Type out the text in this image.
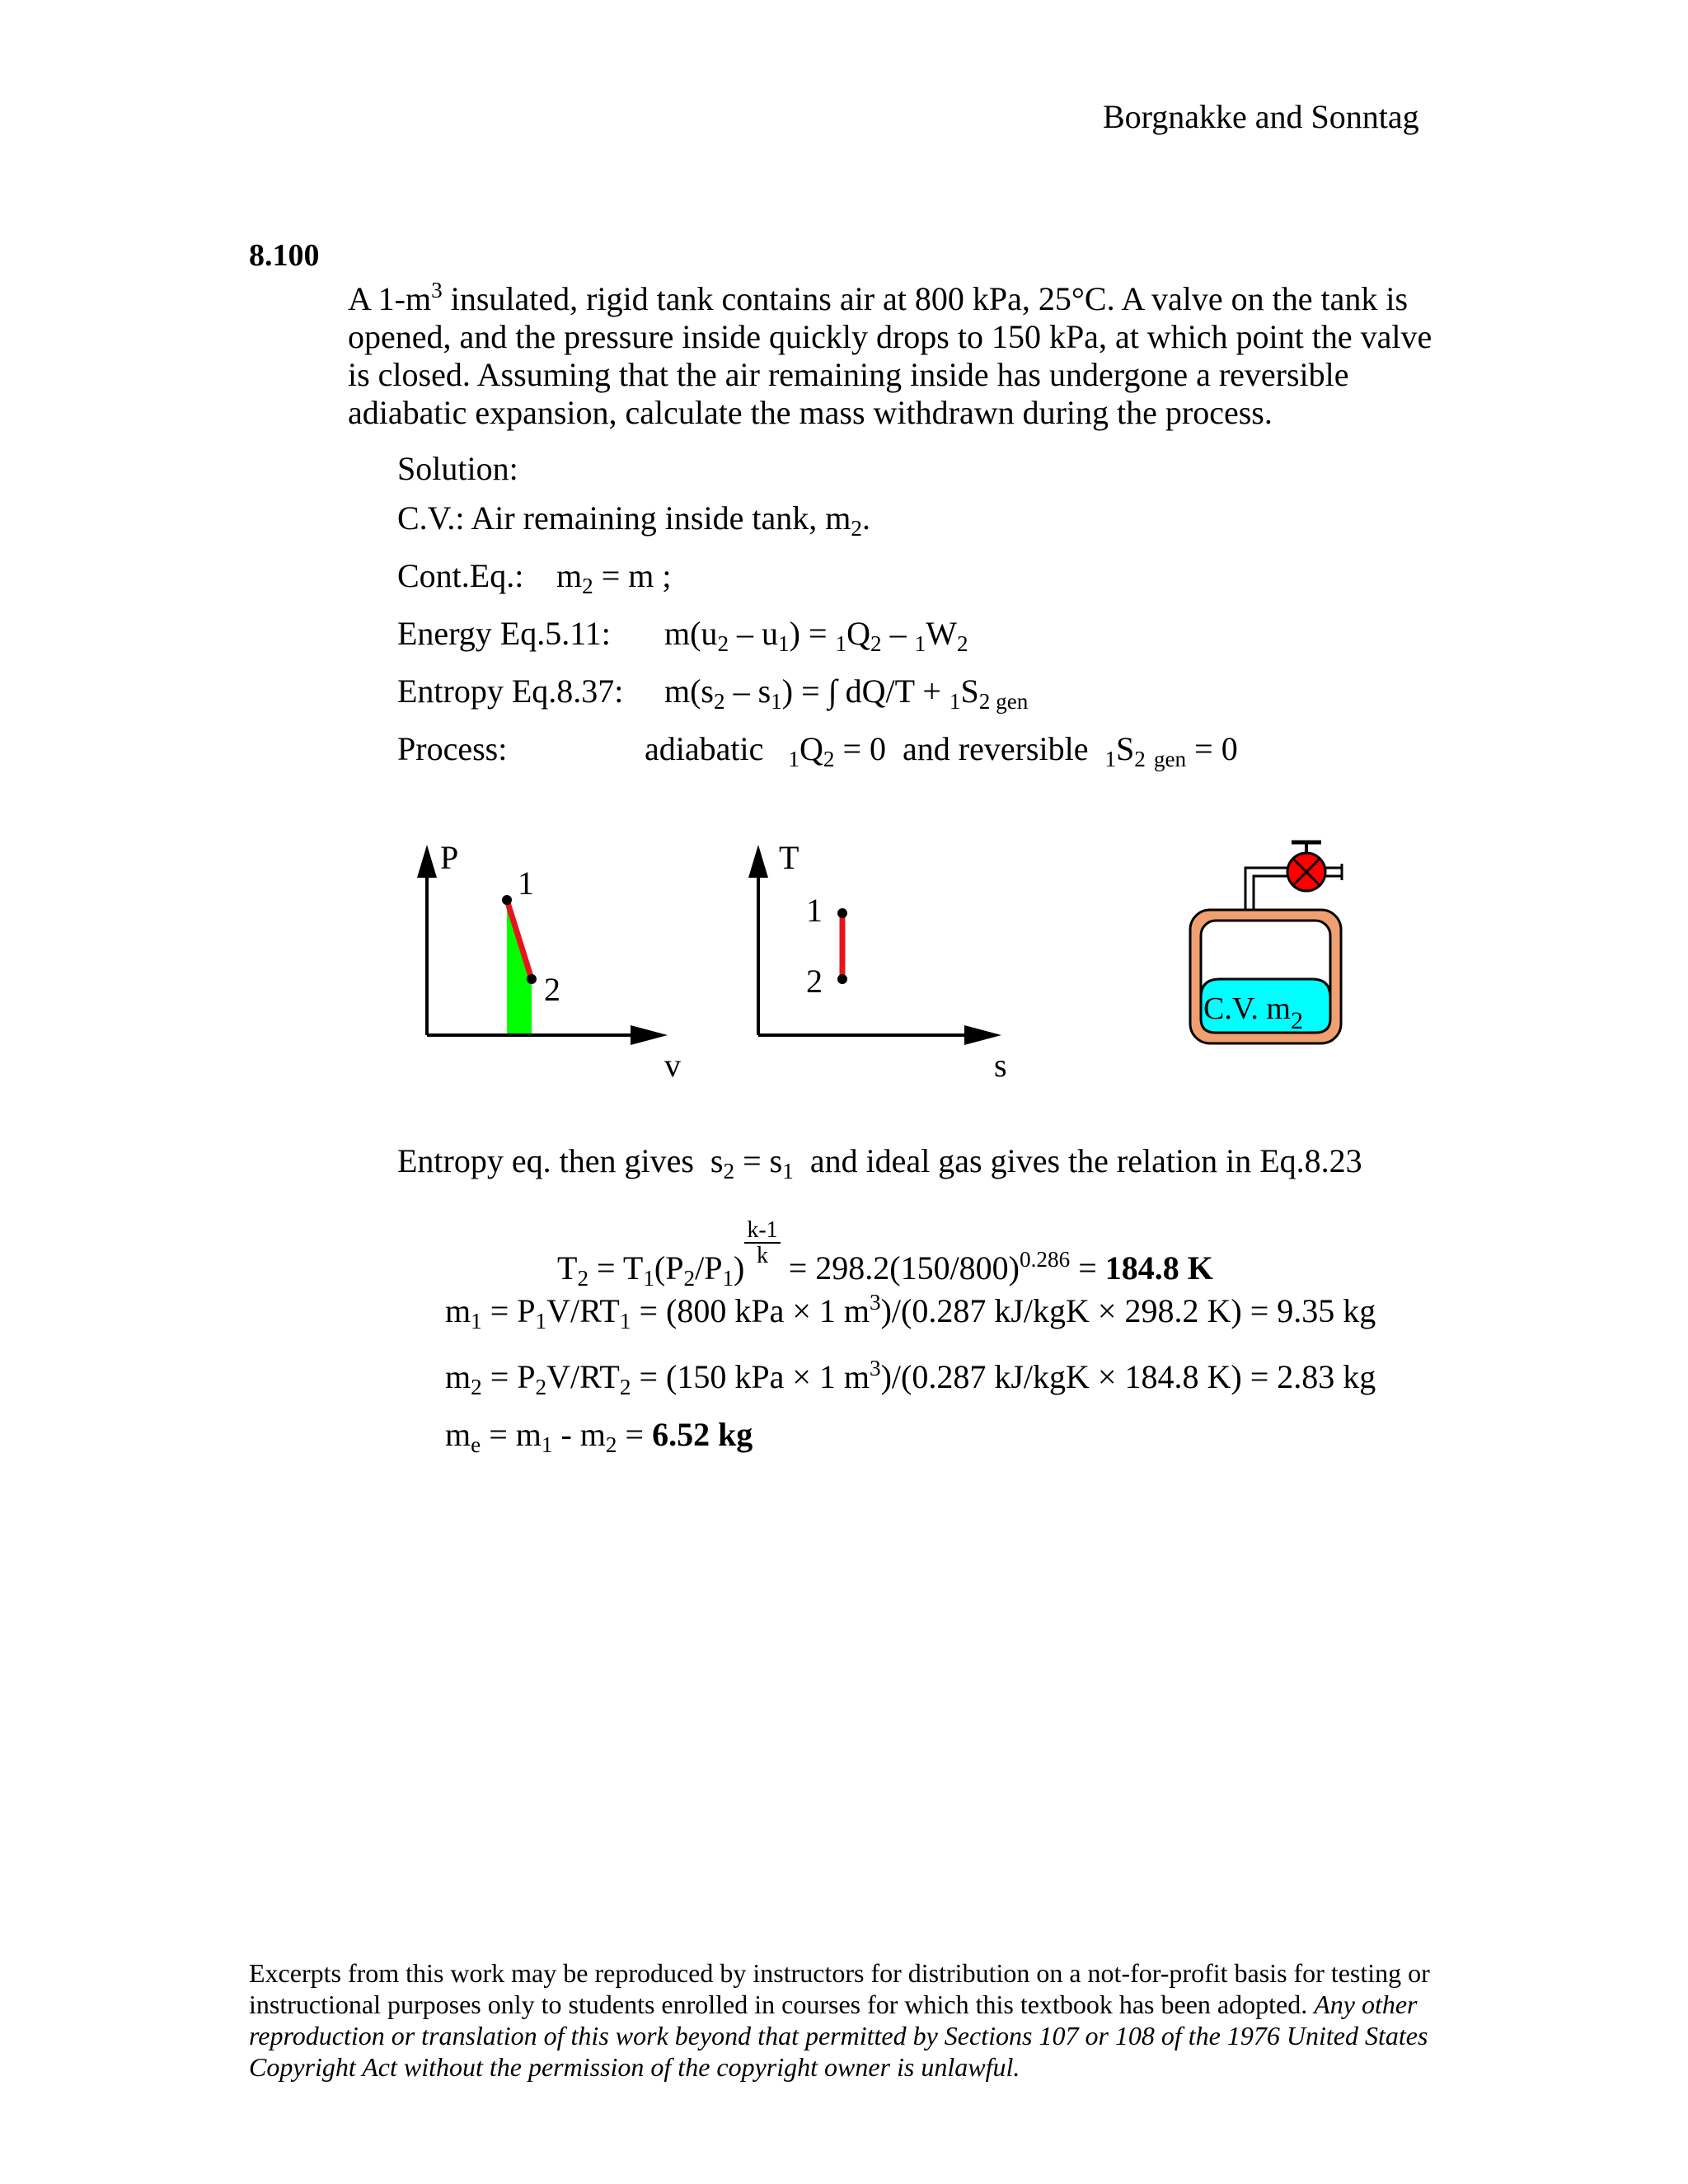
Borgnakke and Sonntag
8.100
A $1-m^3$ insulated, rigid tank contains air at 800 kPa, 25°C. A valve on the tank is opened, and the pressure inside quickly drops to 150 kPa, at which point the valve is closed. Assuming that the air remaining inside has undergone a reversible adiabatic expansion, calculate the mass withdrawn during the process.
Solution:
C.V.: Air remaining inside tank, $m_2$.
Cont.Eq.: $m_2 = m$ ;
Energy Eq.5.11: $m(u_2 - u_1) = _1Q_2 - _1W_2$
Entropy Eq.8.37: $m(s_2 - s_1)$ = ∫ $dQ/T + _1S_{2 gen}$
Process:	adiabatic $_1Q_2 = 0$  and reversible $_1S_2$ $_{gen}$ = 0
P
1
2
v
T
1
2
s
C.V. $m_2$
Entropy eq. then gives  $s_2 = s_1$ and ideal gas gives the relation in Eq.8.23
$T_2 = T_1(P_2/P_1) \frac{k-1}{k} = 298.2(150/800)^{0.286} = 184.8$ K
$m_1 = P_1V/RT_1 = (800$ kPa × 1 $m^3)/(0.287$ kJ/kgK × 298.2 K) = 9.35 kg
$m_2 = P_2V/RT_2 = (150$ kPa × 1 $m^3)/(0.287$ kJ/kgK × 184.8 K) = 2.83 kg
$m_e = m_1 - m_2 = 6.52$ kg
Excerpts from this work may be reproduced by instructors for distribution on a not-for-profit basis for testing or instructional purposes only to students enrolled in courses for which this textbook has been adopted. Any other reproduction or translation of this work beyond that permitted by Sections 107 or 108 of the 1976 United States Copyright Act without the permission of the copyright owner is unlawful.
